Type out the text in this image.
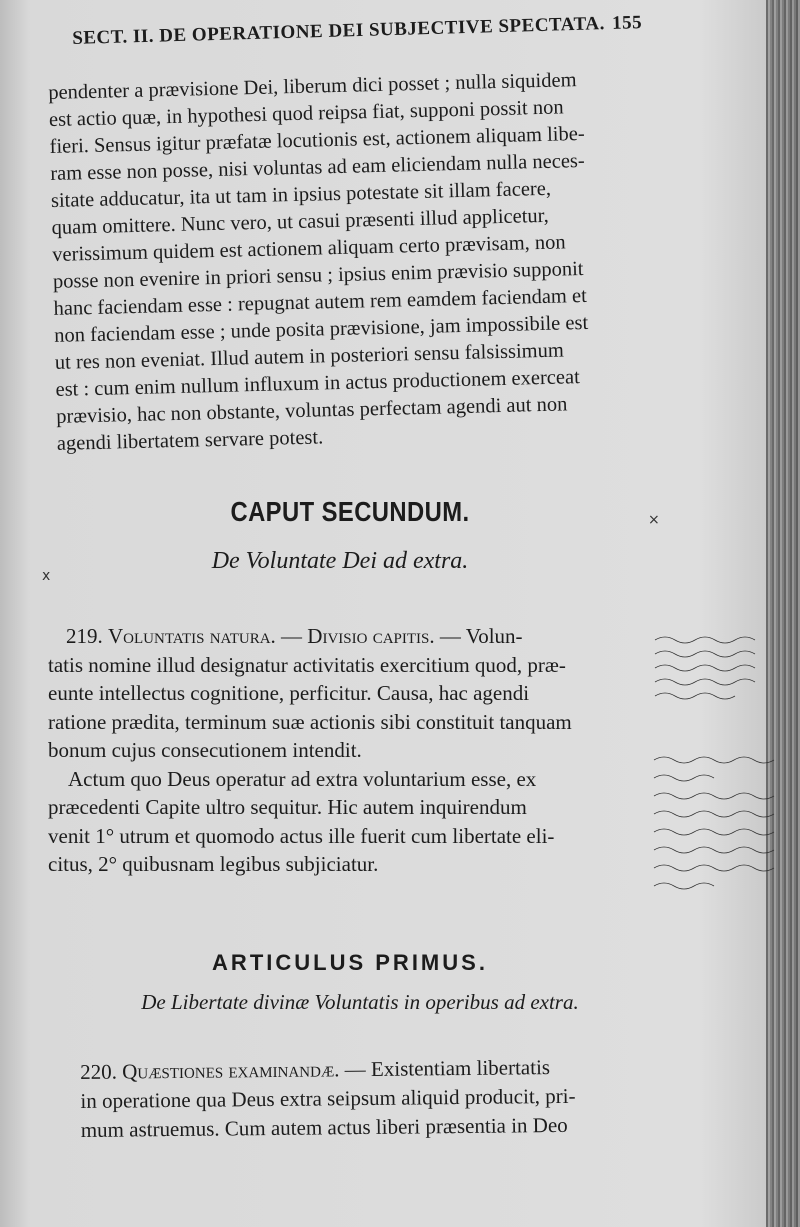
SECT. II. DE OPERATIONE DEI SUBJECTIVE SPECTATA. 155

pendenter a prævisione Dei, liberum dici posset ; nulla siquidem

est actio quæ, in hypothesi quod reipsa fiat, supponi possit non

fieri. Sensus igitur præfatæ locutionis est, actionem aliquam libe-

ram esse non posse, nisi voluntas ad eam eliciendam nulla neces-

sitate adducatur, ita ut tam in ipsius potestate sit illam facere,

quam omittere. Nunc vero, ut casui præsenti illud applicetur,

verissimum quidem est actionem aliquam certo prævisam, non

posse non evenire in priori sensu ; ipsius enim prævisio supponit

hanc faciendam esse : repugnat autem rem eamdem faciendam et

non faciendam esse ; unde posita prævisione, jam impossibile est

ut res non eveniat. Illud autem in posteriori sensu falsissimum

est : cum enim nullum influxum in actus productionem exerceat

prævisio, hac non obstante, voluntas perfectam agendi aut non

agendi libertatem servare potest.

CAPUT SECUNDUM.
De Voluntate Dei ad extra.
×
x

219. Voluntatis natura. — Divisio capitis. — Volun-

tatis nomine illud designatur activitatis exercitium quod, præ-

eunte intellectus cognitione, perficitur. Causa, hac agendi

ratione prædita, terminum suæ actionis sibi constituit tanquam

bonum cujus consecutionem intendit.

Actum quo Deus operatur ad extra voluntarium esse, ex

præcedenti Capite ultro sequitur. Hic autem inquirendum

venit 1° utrum et quomodo actus ille fuerit cum libertate eli-

citus, 2° quibusnam legibus subjiciatur.

ARTICULUS PRIMUS.
De Libertate divinæ Voluntatis in operibus ad extra.

220. Quæstiones examinandæ. — Existentiam libertatis

in operatione qua Deus extra seipsum aliquid producit, pri-

mum astruemus. Cum autem actus liberi præsentia in Deo
